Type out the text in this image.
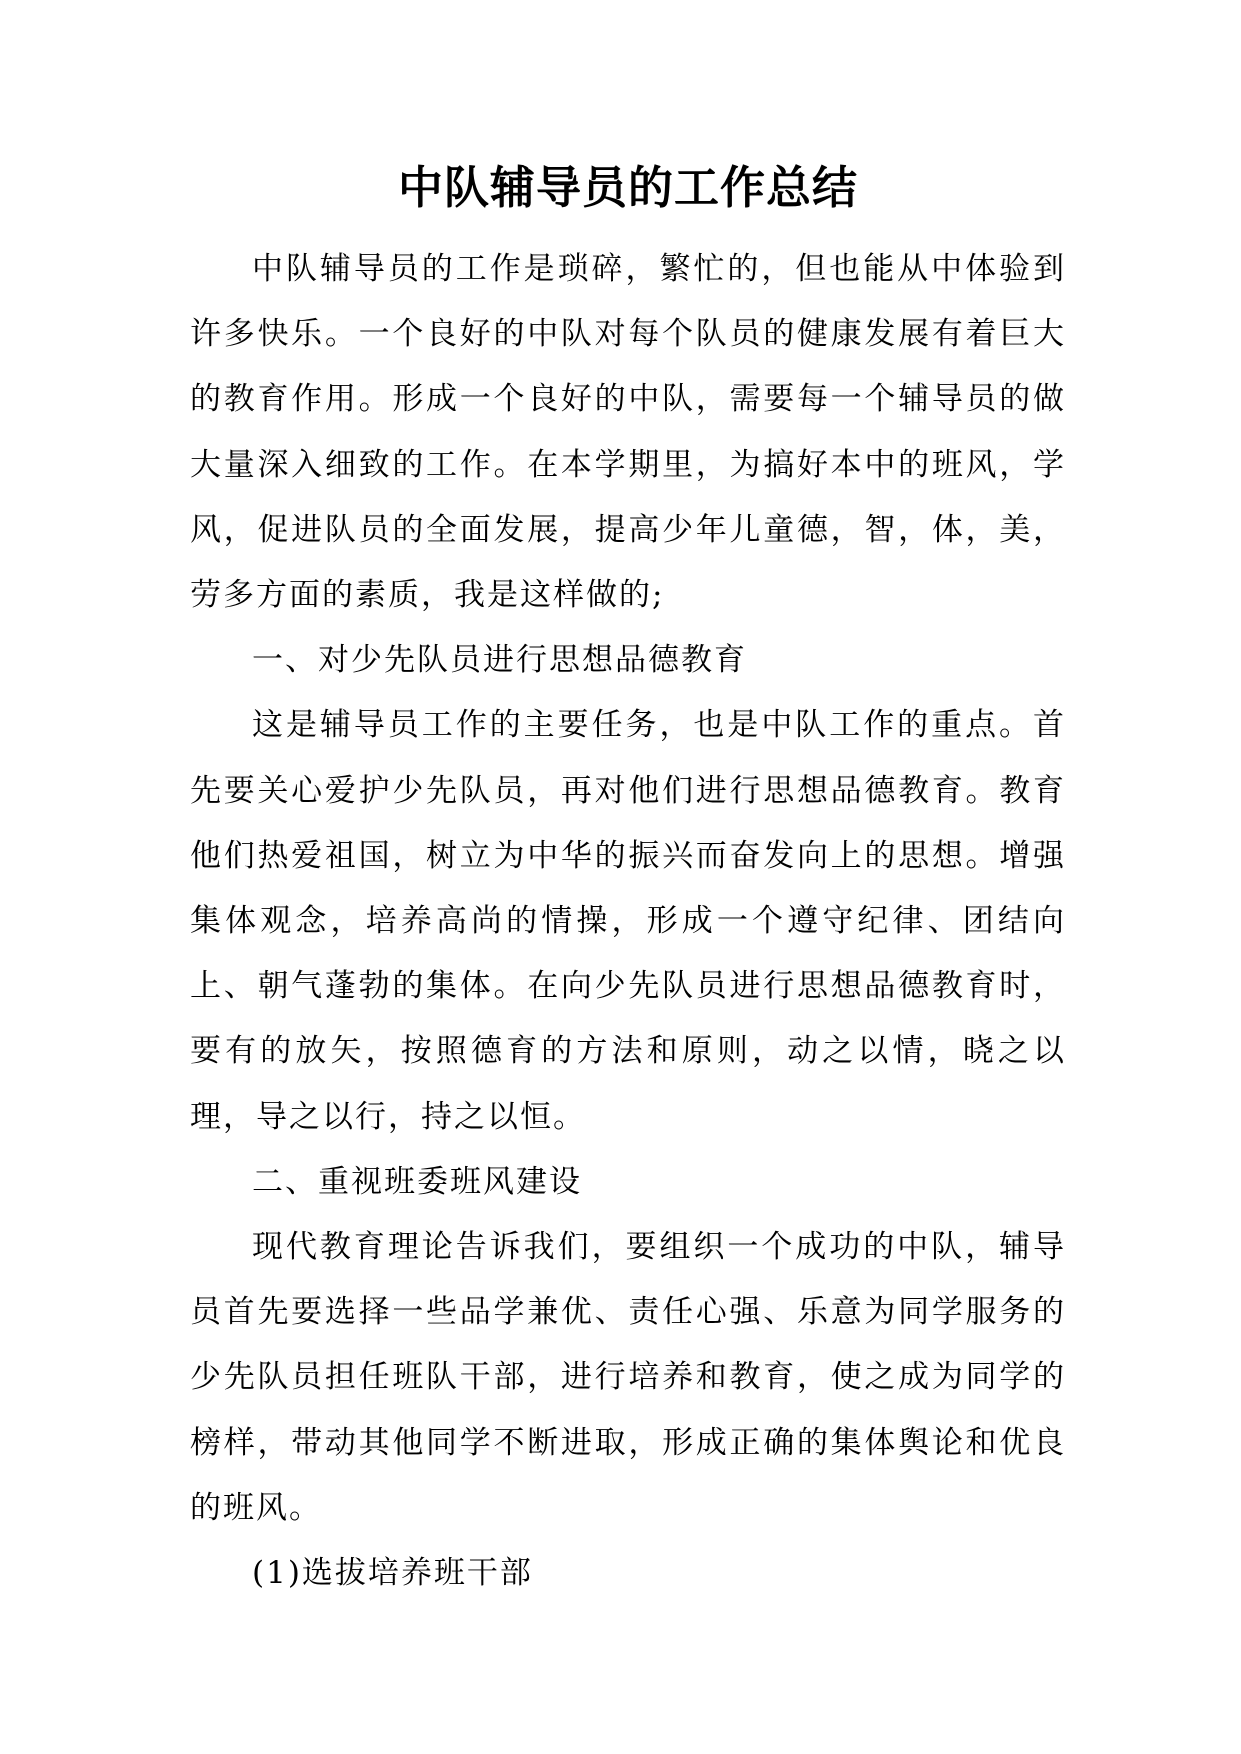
中队辅导员的工作总结

中队辅导员的工作是琐碎，繁忙的，但也能从中体验到许多快乐。一个良好的中队对每个队员的健康发展有着巨大的教育作用。形成一个良好的中队，需要每一个辅导员的做大量深入细致的工作。在本学期里，为搞好本中的班风，学风，促进队员的全面发展，提高少年儿童德，智，体，美，劳多方面的素质，我是这样做的;

一、对少先队员进行思想品德教育

这是辅导员工作的主要任务，也是中队工作的重点。首先要关心爱护少先队员，再对他们进行思想品德教育。教育他们热爱祖国，树立为中华的振兴而奋发向上的思想。增强集体观念，培养高尚的情操，形成一个遵守纪律、团结向上、朝气蓬勃的集体。在向少先队员进行思想品德教育时，要有的放矢，按照德育的方法和原则，动之以情，晓之以理，导之以行，持之以恒。

二、重视班委班风建设

现代教育理论告诉我们，要组织一个成功的中队，辅导员首先要选择一些品学兼优、责任心强、乐意为同学服务的少先队员担任班队干部，进行培养和教育，使之成为同学的榜样，带动其他同学不断进取，形成正确的集体舆论和优良的班风。

(1)选拔培养班干部
